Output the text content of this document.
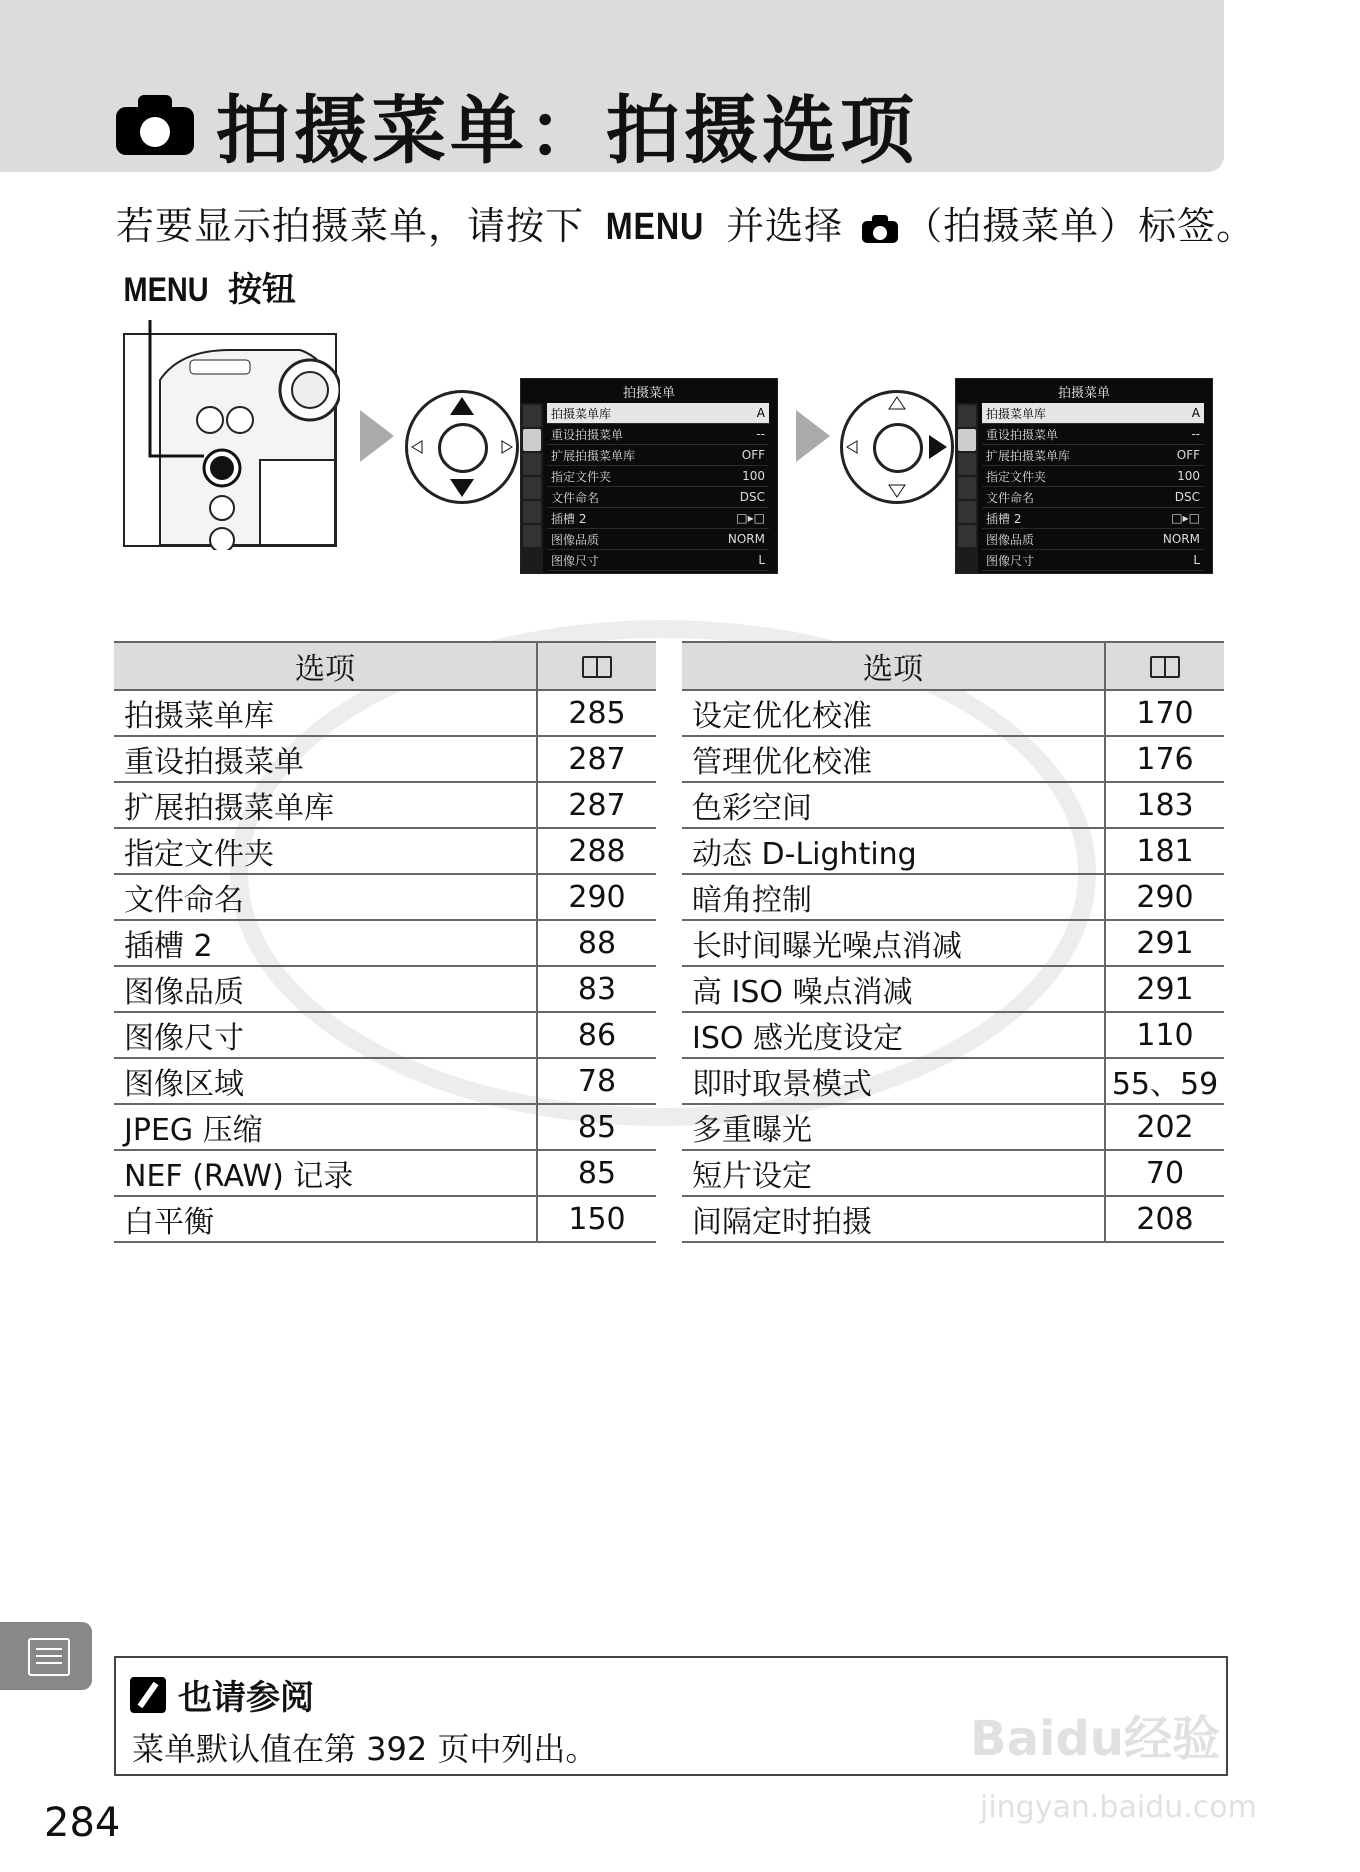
拍摄菜单：拍摄选项
若要显示拍摄菜单，请按下 MENU 并选择
（拍摄菜单）标签。
MENU 按钮
拍摄菜单
拍摄菜单库	A
重设拍摄菜单	--
扩展拍摄菜单库	OFF
指定文件夹	100
文件命名	DSC
插槽 2	□▸□
图像品质	NORM
图像尺寸	L
拍摄菜单
拍摄菜单库	A
重设拍摄菜单	--
扩展拍摄菜单库	OFF
指定文件夹	100
文件命名	DSC
插槽 2	□▸□
图像品质	NORM
图像尺寸	L
选项	
拍摄菜单库	285
重设拍摄菜单	287
扩展拍摄菜单库	287
指定文件夹	288
文件命名	290
插槽 2	88
图像品质	83
图像尺寸	86
图像区域	78
JPEG 压缩	85
NEF (RAW) 记录	85
白平衡	150
选项	
设定优化校准	170
管理优化校准	176
色彩空间	183
动态 D-Lighting	181
暗角控制	290
长时间曝光噪点消减	291
高 ISO 噪点消减	291
ISO 感光度设定	110
即时取景模式	55、59
多重曝光	202
短片设定	70
间隔定时拍摄	208
也请参阅
菜单默认值在第 392 页中列出。	Baidu经验
jingyan.baidu.com
284
